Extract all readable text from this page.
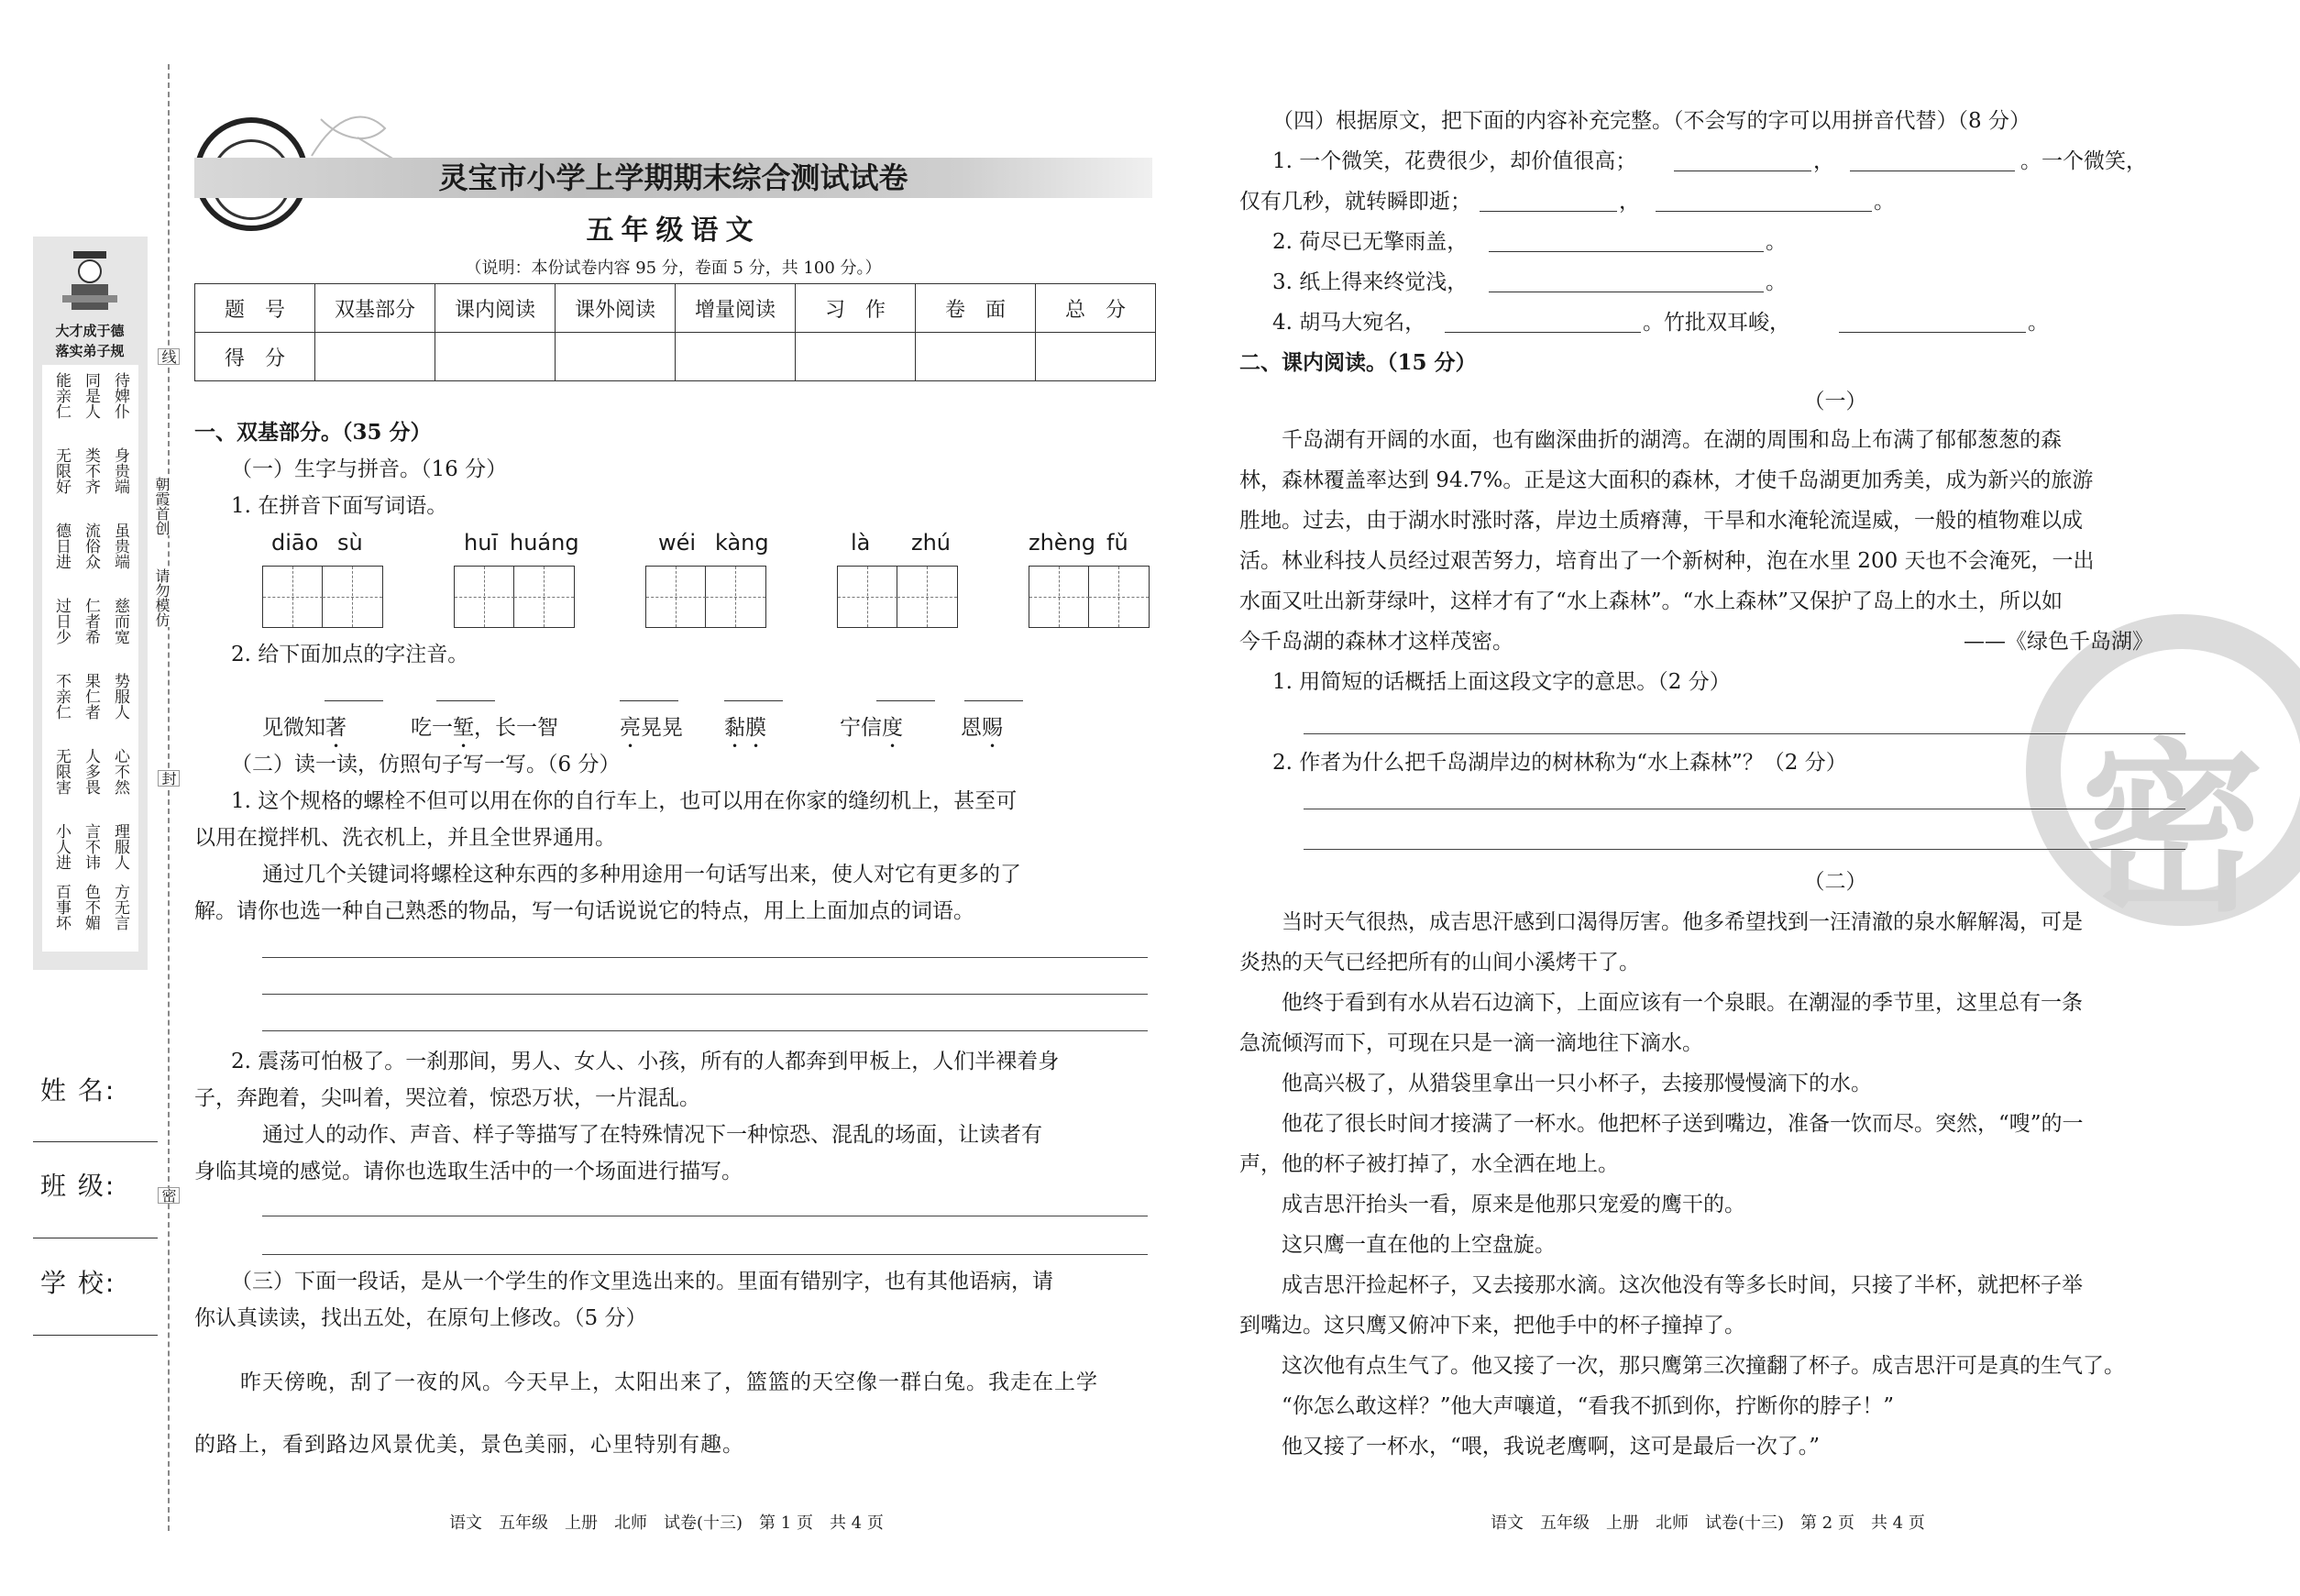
线
朝霞首创
请勿模仿
封
密
大才成于德
落实弟子规
能亲仁 同是人 待婢仆
无限好 类不齐 身贵端
德日进 流俗众 虽贵端
过日少 仁者希 慈而宽
不亲仁 果仁者 势服人
无限害 人多畏 心不然
小人进 言不讳 理服人
百事坏 色不媚 方无言
姓 名:
班 级:
学 校:
灵宝市小学上学期期末综合测试试卷
五年级语文
（说明：本份试卷内容 95 分，卷面 5 分，共 100 分。）
题　号	双基部分	课内阅读	课外阅读	增量阅读	习　作	卷　面	总　分
得　分							
一、双基部分。（35 分）
（一）生字与拼音。（16 分）
1. 在拼音下面写词语。
diāo sù	huī huáng	wéi kàng	là zhú	zhèng fǔ
2. 给下面加点的字注音。
见微知著	吃一堑，长一智	亮晃晃 黏膜	宁信度	恩赐
（二）读一读，仿照句子写一写。（6 分）
1. 这个规格的螺栓不但可以用在你的自行车上，也可以用在你家的缝纫机上，甚至可
以用在搅拌机、洗衣机上，并且全世界通用。
通过几个关键词将螺栓这种东西的多种用途用一句话写出来，使人对它有更多的了
解。请你也选一种自己熟悉的物品，写一句话说说它的特点，用上上面加点的词语。
2. 震荡可怕极了。一刹那间，男人、女人、小孩，所有的人都奔到甲板上，人们半裸着身
子，奔跑着，尖叫着，哭泣着，惊恐万状，一片混乱。
通过人的动作、声音、样子等描写了在特殊情况下一种惊恐、混乱的场面，让读者有
身临其境的感觉。请你也选取生活中的一个场面进行描写。
（三）下面一段话，是从一个学生的作文里选出来的。里面有错别字，也有其他语病，请
你认真读读，找出五处，在原句上修改。（5 分）
昨天傍晚，刮了一夜的风。今天早上，太阳出来了，篮篮的天空像一群白兔。我走在上学
的路上，看到路边风景优美，景色美丽，心里特别有趣。
语文　五年级　上册　北师　试卷(十三)　第 1 页　共 4 页
密
（四）根据原文，把下面的内容补充完整。（不会写的字可以用拼音代替）（8 分）
1. 一个微笑，花费很少，却价值很高；	，	。一个微笑，
仅有几秒，就转瞬即逝；	，	。
2. 荷尽已无擎雨盖，	。
3. 纸上得来终觉浅，	。
4. 胡马大宛名，	。竹批双耳峻，	。
二、课内阅读。（15 分）
（一）
千岛湖有开阔的水面，也有幽深曲折的湖湾。在湖的周围和岛上布满了郁郁葱葱的森
林，森林覆盖率达到 94.7%。正是这大面积的森林，才使千岛湖更加秀美，成为新兴的旅游
胜地。过去，由于湖水时涨时落，岸边土质瘠薄，干旱和水淹轮流逞威，一般的植物难以成
活。林业科技人员经过艰苦努力，培育出了一个新树种，泡在水里 200 天也不会淹死，一出
水面又吐出新芽绿叶，这样才有了“水上森林”。“水上森林”又保护了岛上的水土，所以如
今千岛湖的森林才这样茂密。	——《绿色千岛湖》
1. 用简短的话概括上面这段文字的意思。（2 分）
2. 作者为什么把千岛湖岸边的树林称为“水上森林”？（2 分）
（二）
当时天气很热，成吉思汗感到口渴得厉害。他多希望找到一汪清澈的泉水解解渴，可是
炎热的天气已经把所有的山间小溪烤干了。
他终于看到有水从岩石边滴下，上面应该有一个泉眼。在潮湿的季节里，这里总有一条
急流倾泻而下，可现在只是一滴一滴地往下滴水。
他高兴极了，从猎袋里拿出一只小杯子，去接那慢慢滴下的水。
他花了很长时间才接满了一杯水。他把杯子送到嘴边，准备一饮而尽。突然，“嗖”的一
声，他的杯子被打掉了，水全洒在地上。
成吉思汗抬头一看，原来是他那只宠爱的鹰干的。
这只鹰一直在他的上空盘旋。
成吉思汗捡起杯子，又去接那水滴。这次他没有等多长时间，只接了半杯，就把杯子举
到嘴边。这只鹰又俯冲下来，把他手中的杯子撞掉了。
这次他有点生气了。他又接了一次，那只鹰第三次撞翻了杯子。成吉思汗可是真的生气了。
“你怎么敢这样？”他大声嚷道，“看我不抓到你，拧断你的脖子！”
他又接了一杯水，“喂，我说老鹰啊，这可是最后一次了。”
语文　五年级　上册　北师　试卷(十三)　第 2 页　共 4 页
